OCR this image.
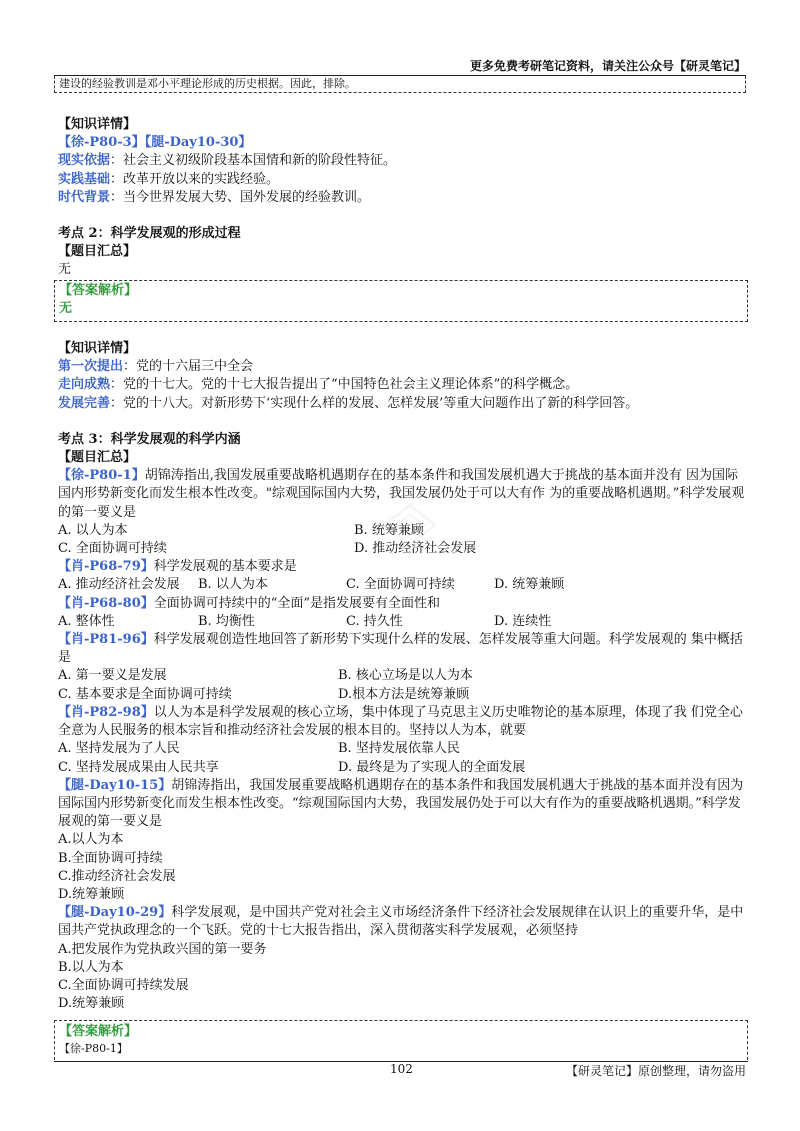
更多免费考研笔记资料，请关注公众号【研灵笔记】
建设的经验教训是邓小平理论形成的历史根据。因此，排除。
【知识详情】
【徐-P80-3】【腿-Day10-30】
现实依据：社会主义初级阶段基本国情和新的阶段性特征。
实践基础：改革开放以来的实践经验。
时代背景：当今世界发展大势、国外发展的经验教训。
考点 2：科学发展观的形成过程
【题目汇总】
无
【答案解析】
无
【知识详情】
第一次提出：党的十六届三中全会
走向成熟：党的十七大。党的十七大报告提出了“中国特色社会主义理论体系”的科学概念。
发展完善：党的十八大。对新形势下‘实现什么样的发展、怎样发展’等重大问题作出了新的科学回答。
考点 3：科学发展观的科学内涵
【题目汇总】
【徐-P80-1】胡锦涛指出,我国发展重要战略机遇期存在的基本条件和我国发展机遇大于挑战的基本面并没有 因为国际国内形势新变化而发生根本性改变。"综观国际国内大势，我国发展仍处于可以大有作 为的重要战略机遇期。”科学发展观的第一要义是
A. 以人为本	B. 统筹兼顾
C. 全面协调可持续	D. 推动经济社会发展
【肖-P68-79】科学发展观的基本要求是
A. 推动经济社会发展	B. 以人为本	C. 全面协调可持续	D. 统筹兼顾
【肖-P68-80】全面协调可持续中的“全面”是指发展要有全面性和
A. 整体性	B. 均衡性	C. 持久性	D. 连续性
【肖-P81-96】科学发展观创造性地回答了新形势下实现什么样的发展、怎样发展等重大问题。科学发展观的 集中概括是
A. 第一要义是发展	B. 核心立场是以人为本
C. 基本要求是全面协调可持续	D.根本方法是统筹兼顾
【肖-P82-98】以人为本是科学发展观的核心立场，集中体现了马克思主义历史唯物论的基本原理，体现了我 们党全心全意为人民服务的根本宗旨和推动经济社会发展的根本目的。坚持以人为本，就要
A. 坚持发展为了人民	B. 坚持发展依靠人民
C. 坚持发展成果由人民共享	D. 最终是为了实现人的全面发展
【腿-Day10-15】胡锦涛指出，我国发展重要战略机遇期存在的基本条件和我国发展机遇大于挑战的基本面并没有因为国际国内形势新变化而发生根本性改变。“综观国际国内大势，我国发展仍处于可以大有作为的重要战略机遇期。”科学发展观的第一要义是
A.以人为本
B.全面协调可持续
C.推动经济社会发展
D.统筹兼顾
【腿-Day10-29】科学发展观，是中国共产党对社会主义市场经济条件下经济社会发展规律在认识上的重要升华，是中国共产党执政理念的一个飞跃。党的十七大报告指出，深入贯彻落实科学发展观，必须坚持
A.把发展作为党执政兴国的第一要务
B.以人为本
C.全面协调可持续发展
D.统筹兼顾
【答案解析】
【徐-P80-1】
102	【研灵笔记】原创整理，请勿盗用
